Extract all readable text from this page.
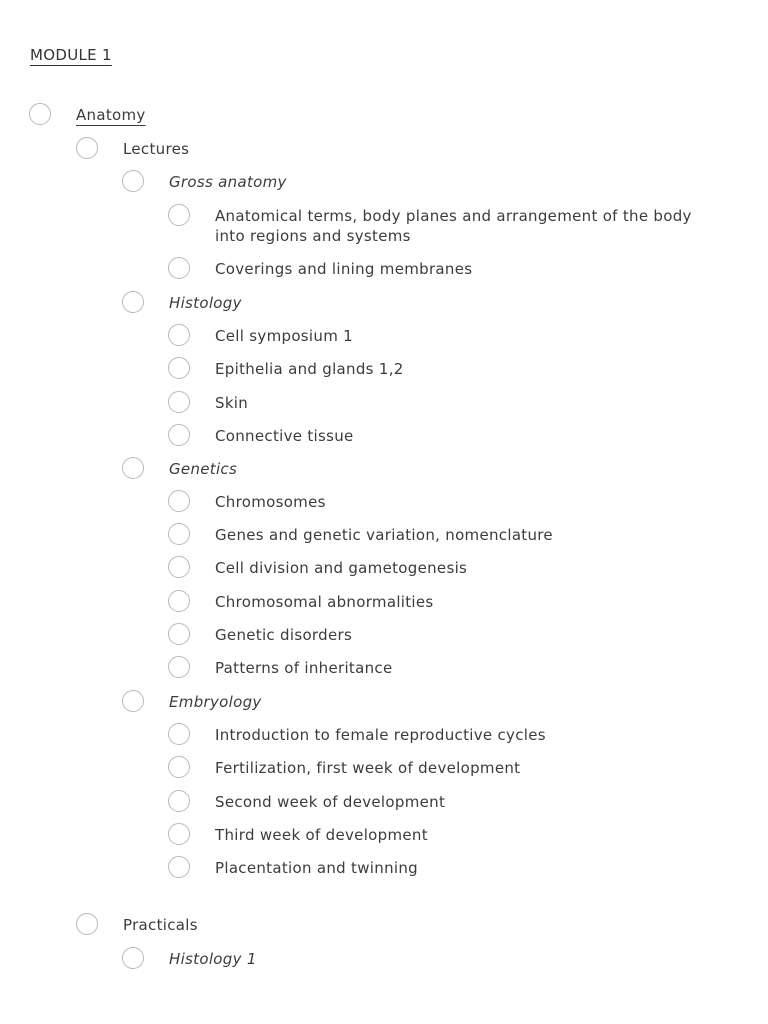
MODULE 1
Anatomy
Lectures
Gross anatomy
Anatomical terms, body planes and arrangement of the body into regions and systems
Coverings and lining membranes
Histology
Cell symposium 1
Epithelia and glands 1,2
Skin
Connective tissue
Genetics
Chromosomes
Genes and genetic variation, nomenclature
Cell division and gametogenesis
Chromosomal abnormalities
Genetic disorders
Patterns of inheritance
Embryology
Introduction to female reproductive cycles
Fertilization, first week of development
Second week of development
Third week of development
Placentation and twinning
Practicals
Histology 1
